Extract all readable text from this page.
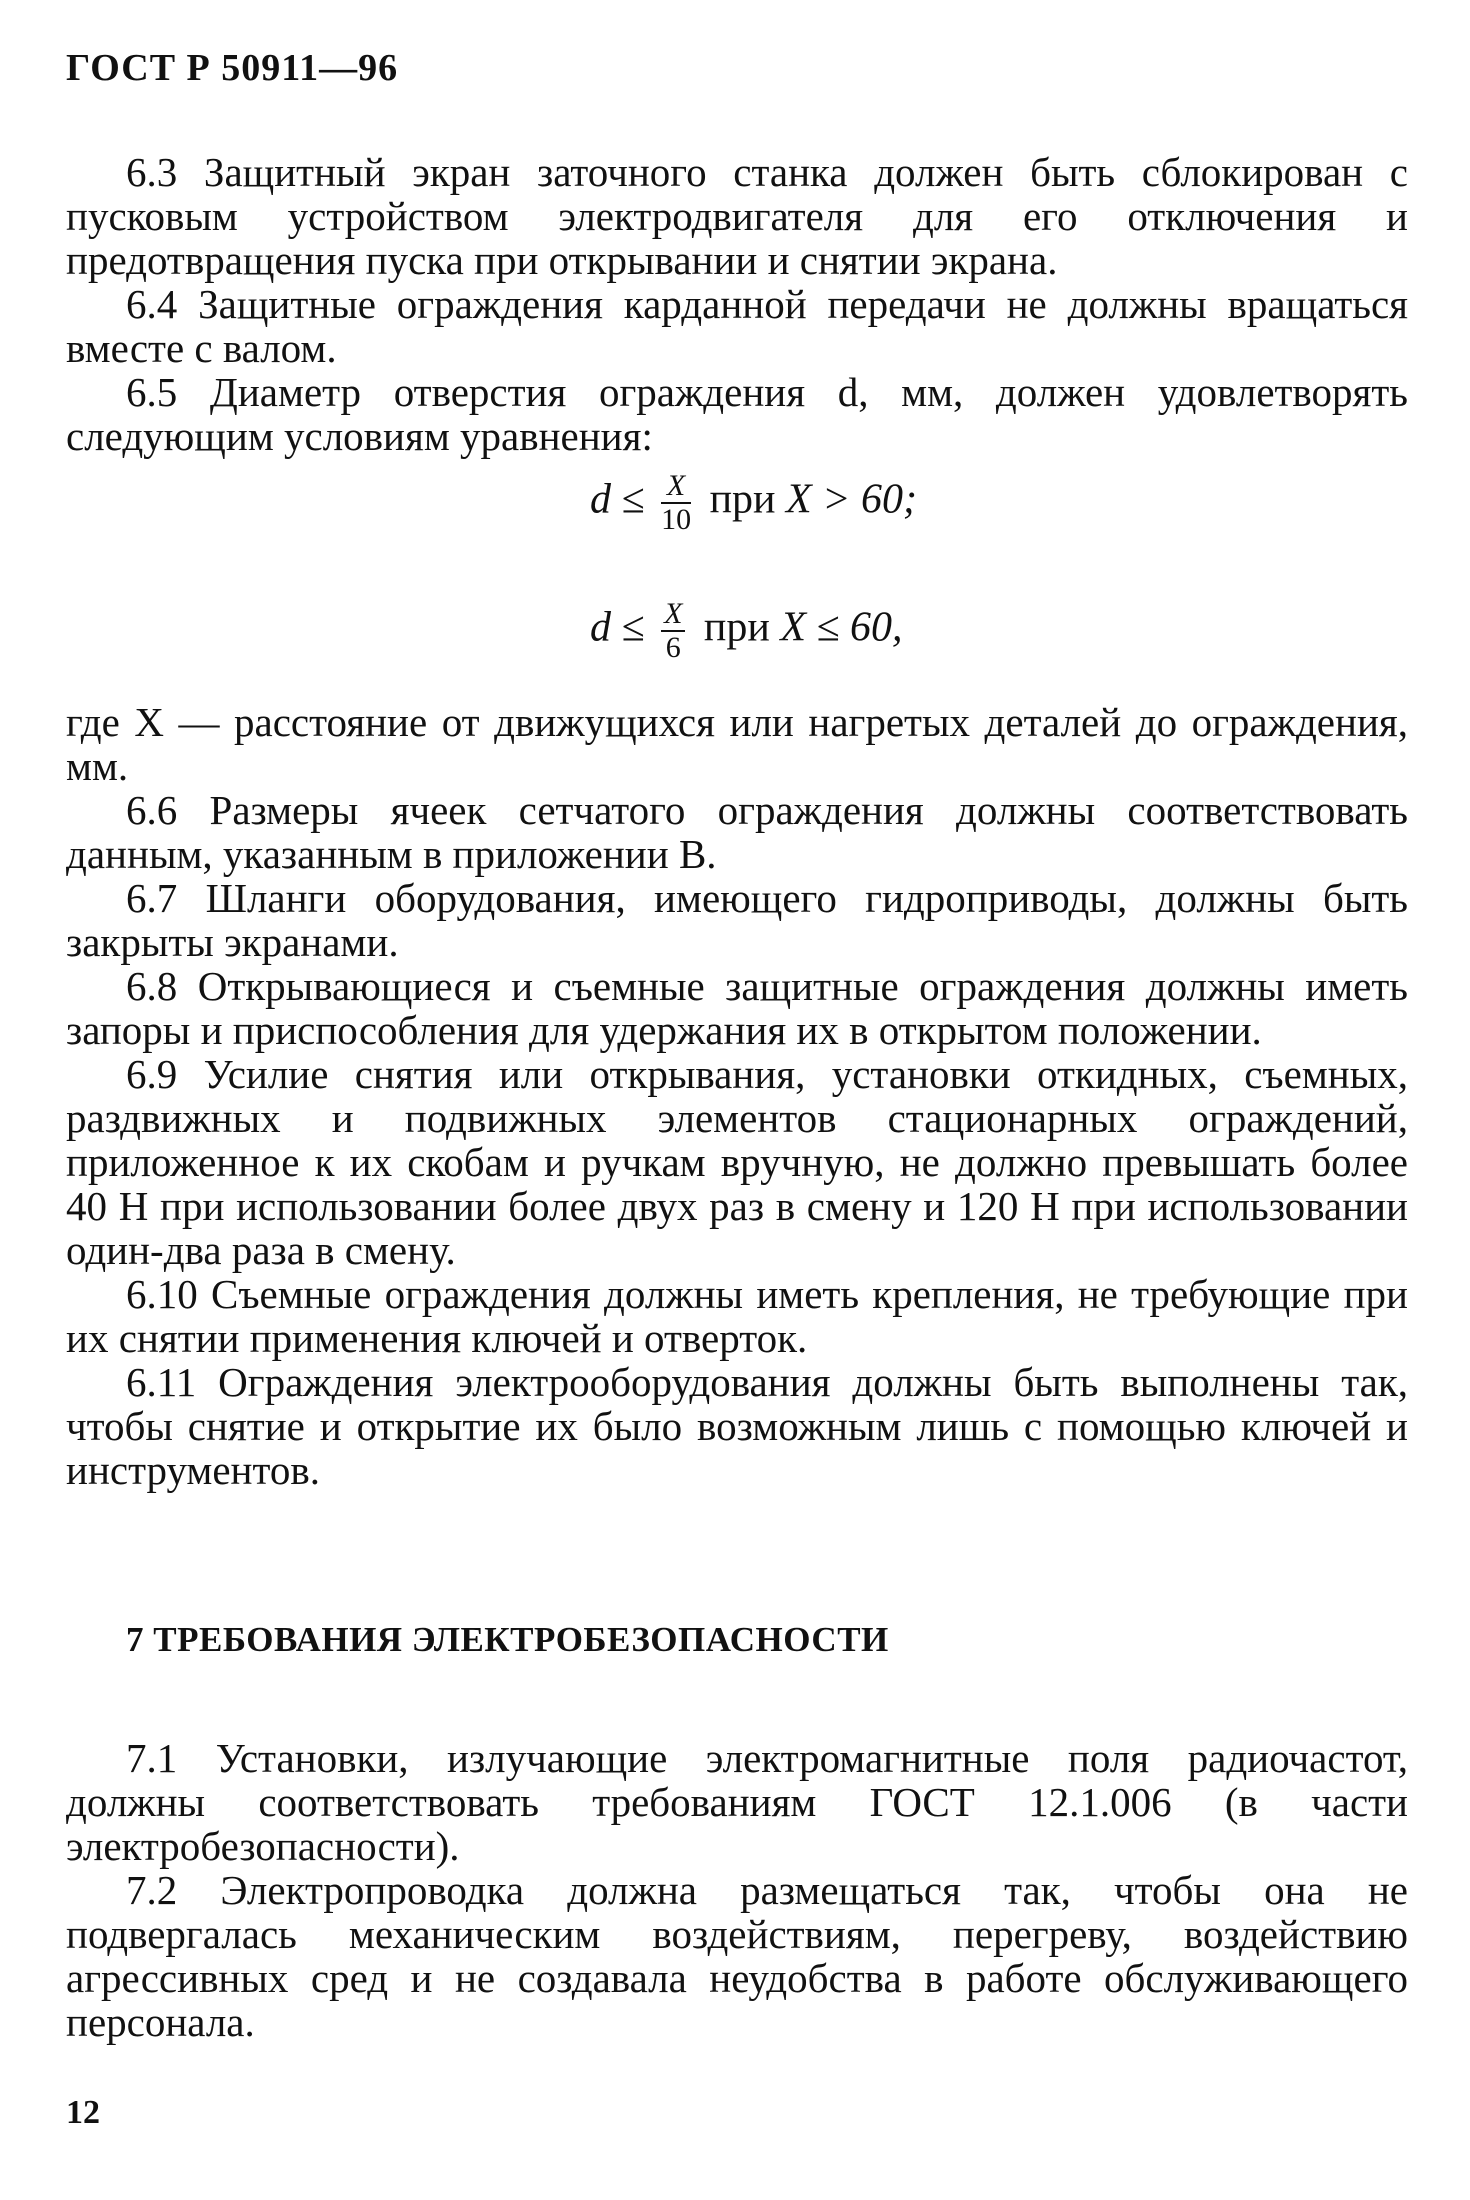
ГОСТ Р 50911—96

6.3 Защитный экран заточного станка должен быть сблокирован с пусковым устройством электродвигателя для его отключения и предотвращения пуска при открывании и снятии экрана.

6.4 Защитные ограждения карданной передачи не должны вращаться вместе с валом.

6.5 Диаметр отверстия ограждения d, мм, должен удовлетворять следующим условиям уравнения:

$d \le \frac{X}{10}$ при X > 60;
$d \le \frac{X}{6}$ при X ≤ 60,

где X — расстояние от движущихся или нагретых деталей до ограждения, мм.

6.6 Размеры ячеек сетчатого ограждения должны соответствовать данным, указанным в приложении В.

6.7 Шланги оборудования, имеющего гидроприводы, должны быть закрыты экранами.

6.8 Открывающиеся и съемные защитные ограждения должны иметь запоры и приспособления для удержания их в открытом положении.

6.9 Усилие снятия или открывания, установки откидных, съемных, раздвижных и подвижных элементов стационарных ограждений, приложенное к их скобам и ручкам вручную, не должно превышать более 40 Н при использовании более двух раз в смену и 120 Н при использовании один-два раза в смену.

6.10 Съемные ограждения должны иметь крепления, не требующие при их снятии применения ключей и отверток.

6.11 Ограждения электрооборудования должны быть выполнены так, чтобы снятие и открытие их было возможным лишь с помощью ключей и инструментов.

7 ТРЕБОВАНИЯ ЭЛЕКТРОБЕЗОПАСНОСТИ

7.1 Установки, излучающие электромагнитные поля радиочастот, должны соответствовать требованиям ГОСТ 12.1.006 (в части электробезопасности).

7.2 Электропроводка должна размещаться так, чтобы она не подвергалась механическим воздействиям, перегреву, воздействию агрессивных сред и не создавала неудобства в работе обслуживающего персонала.

12
